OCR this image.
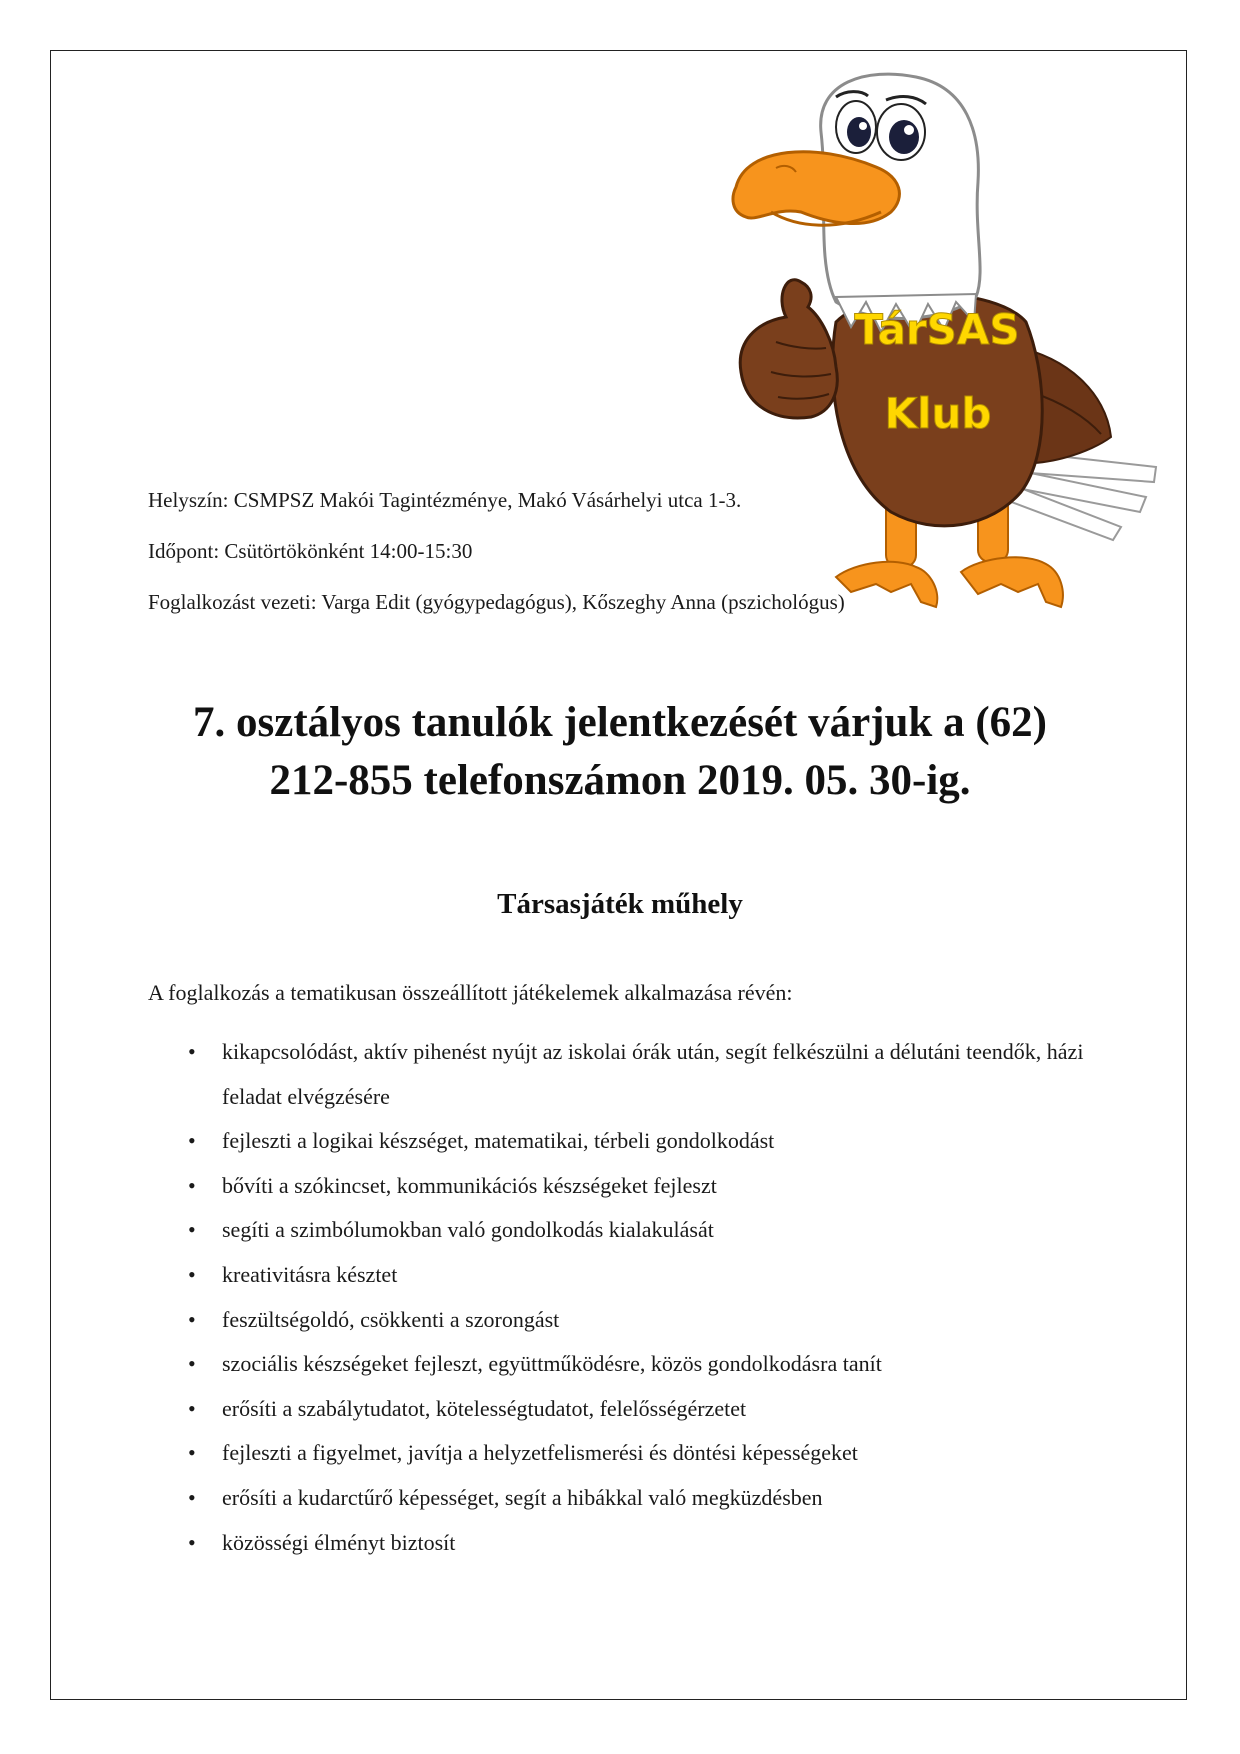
TárSAS
Klub
Helyszín: CSMPSZ Makói Tagintézménye, Makó Vásárhelyi utca 1-3.
Időpont: Csütörtökönként 14:00-15:30
Foglalkozást vezeti: Varga Edit (gyógypedagógus), Kőszeghy Anna (pszichológus)
7. osztályos tanulók jelentkezését várjuk a (62)
212-855 telefonszámon 2019. 05. 30-ig.
Társasjáték műhely
A foglalkozás a tematikusan összeállított játékelemek alkalmazása révén:
• kikapcsolódást, aktív pihenést nyújt az iskolai órák után, segít felkészülni a délutáni teendők, házi feladat elvégzésére
• fejleszti a logikai készséget, matematikai, térbeli gondolkodást
• bővíti a szókincset, kommunikációs készségeket fejleszt
• segíti a szimbólumokban való gondolkodás kialakulását
• kreativitásra késztet
• feszültségoldó, csökkenti a szorongást
• szociális készségeket fejleszt, együttműködésre, közös gondolkodásra tanít
• erősíti a szabálytudatot, kötelességtudatot, felelősségérzetet
• fejleszti a figyelmet, javítja a helyzetfelismerési és döntési képességeket
• erősíti a kudarctűrő képességet, segít a hibákkal való megküzdésben
• közösségi élményt biztosít
